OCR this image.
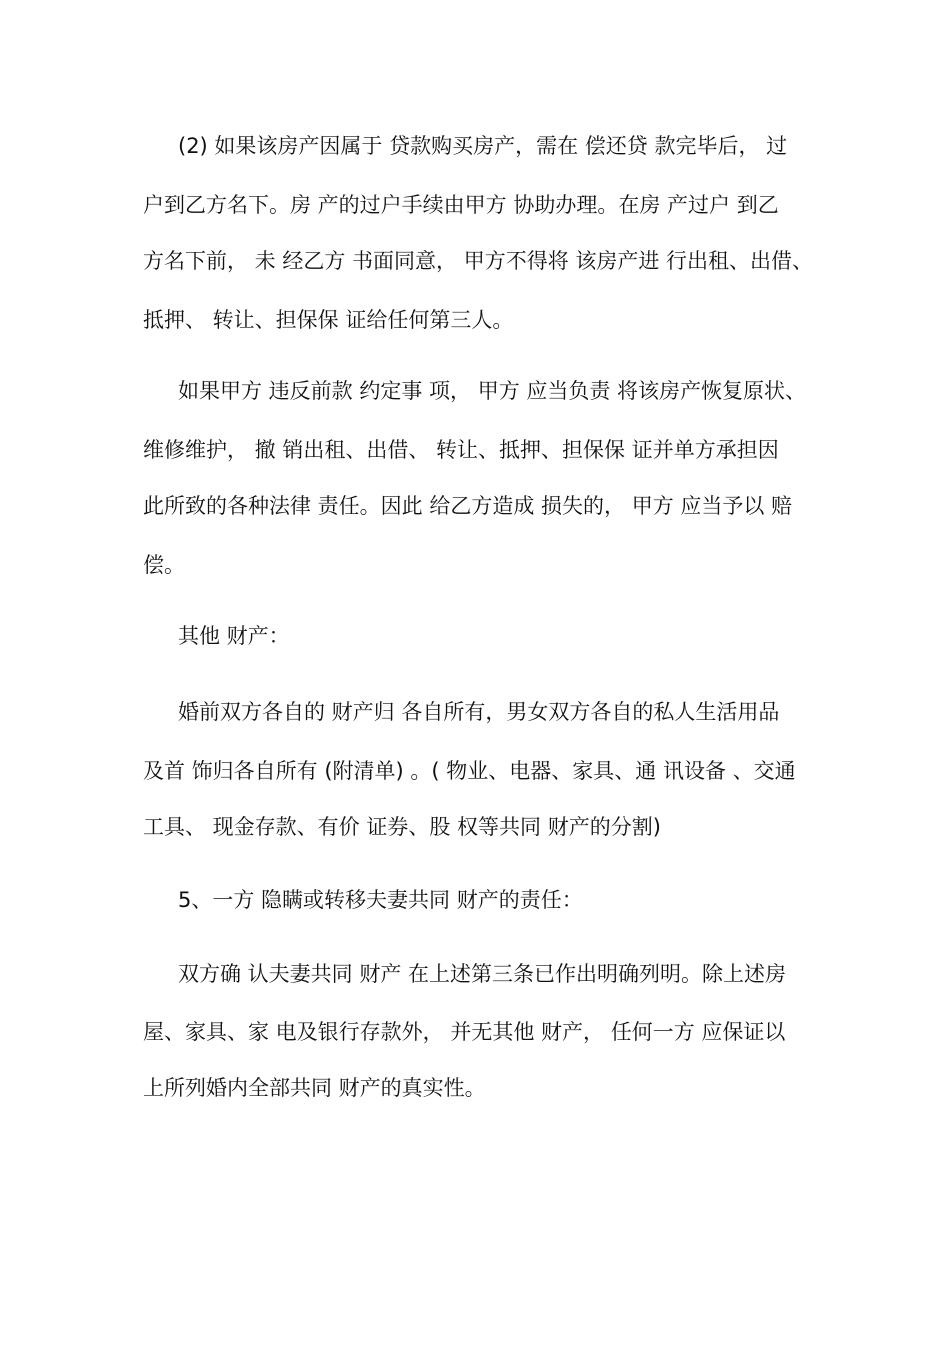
(2) 如果该房产因属于 贷款购买房产，需在 偿还贷 款完毕后， 过
户到乙方名下。房 产的过户手续由甲方 协助办理。在房 产过户 到乙
方名下前， 未 经乙方 书面同意， 甲方不得将 该房产进 行出租、出借、
抵押、 转让、担保保 证给任何第三人。
如果甲方 违反前款 约定事 项， 甲方 应当负责 将该房产恢复原状、
维修维护， 撤 销出租、出借、 转让、抵押、担保保 证并单方承担因
此所致的各种法律 责任。因此 给乙方造成 损失的， 甲方 应当予以 赔
偿。
其他 财产：
婚前双方各自的 财产归 各自所有，男女双方各自的私人生活用品
及首 饰归各自所有 (附清单) 。( 物业、电器、家具、通 讯设备 、交通
工具、 现金存款、有价 证券、股 权等共同 财产的分割)
5、一方 隐瞒或转移夫妻共同 财产的责任：
双方确 认夫妻共同 财产 在上述第三条已作出明确列明。除上述房
屋、家具、家 电及银行存款外， 并无其他 财产， 任何一方 应保证以
上所列婚内全部共同 财产的真实性。
